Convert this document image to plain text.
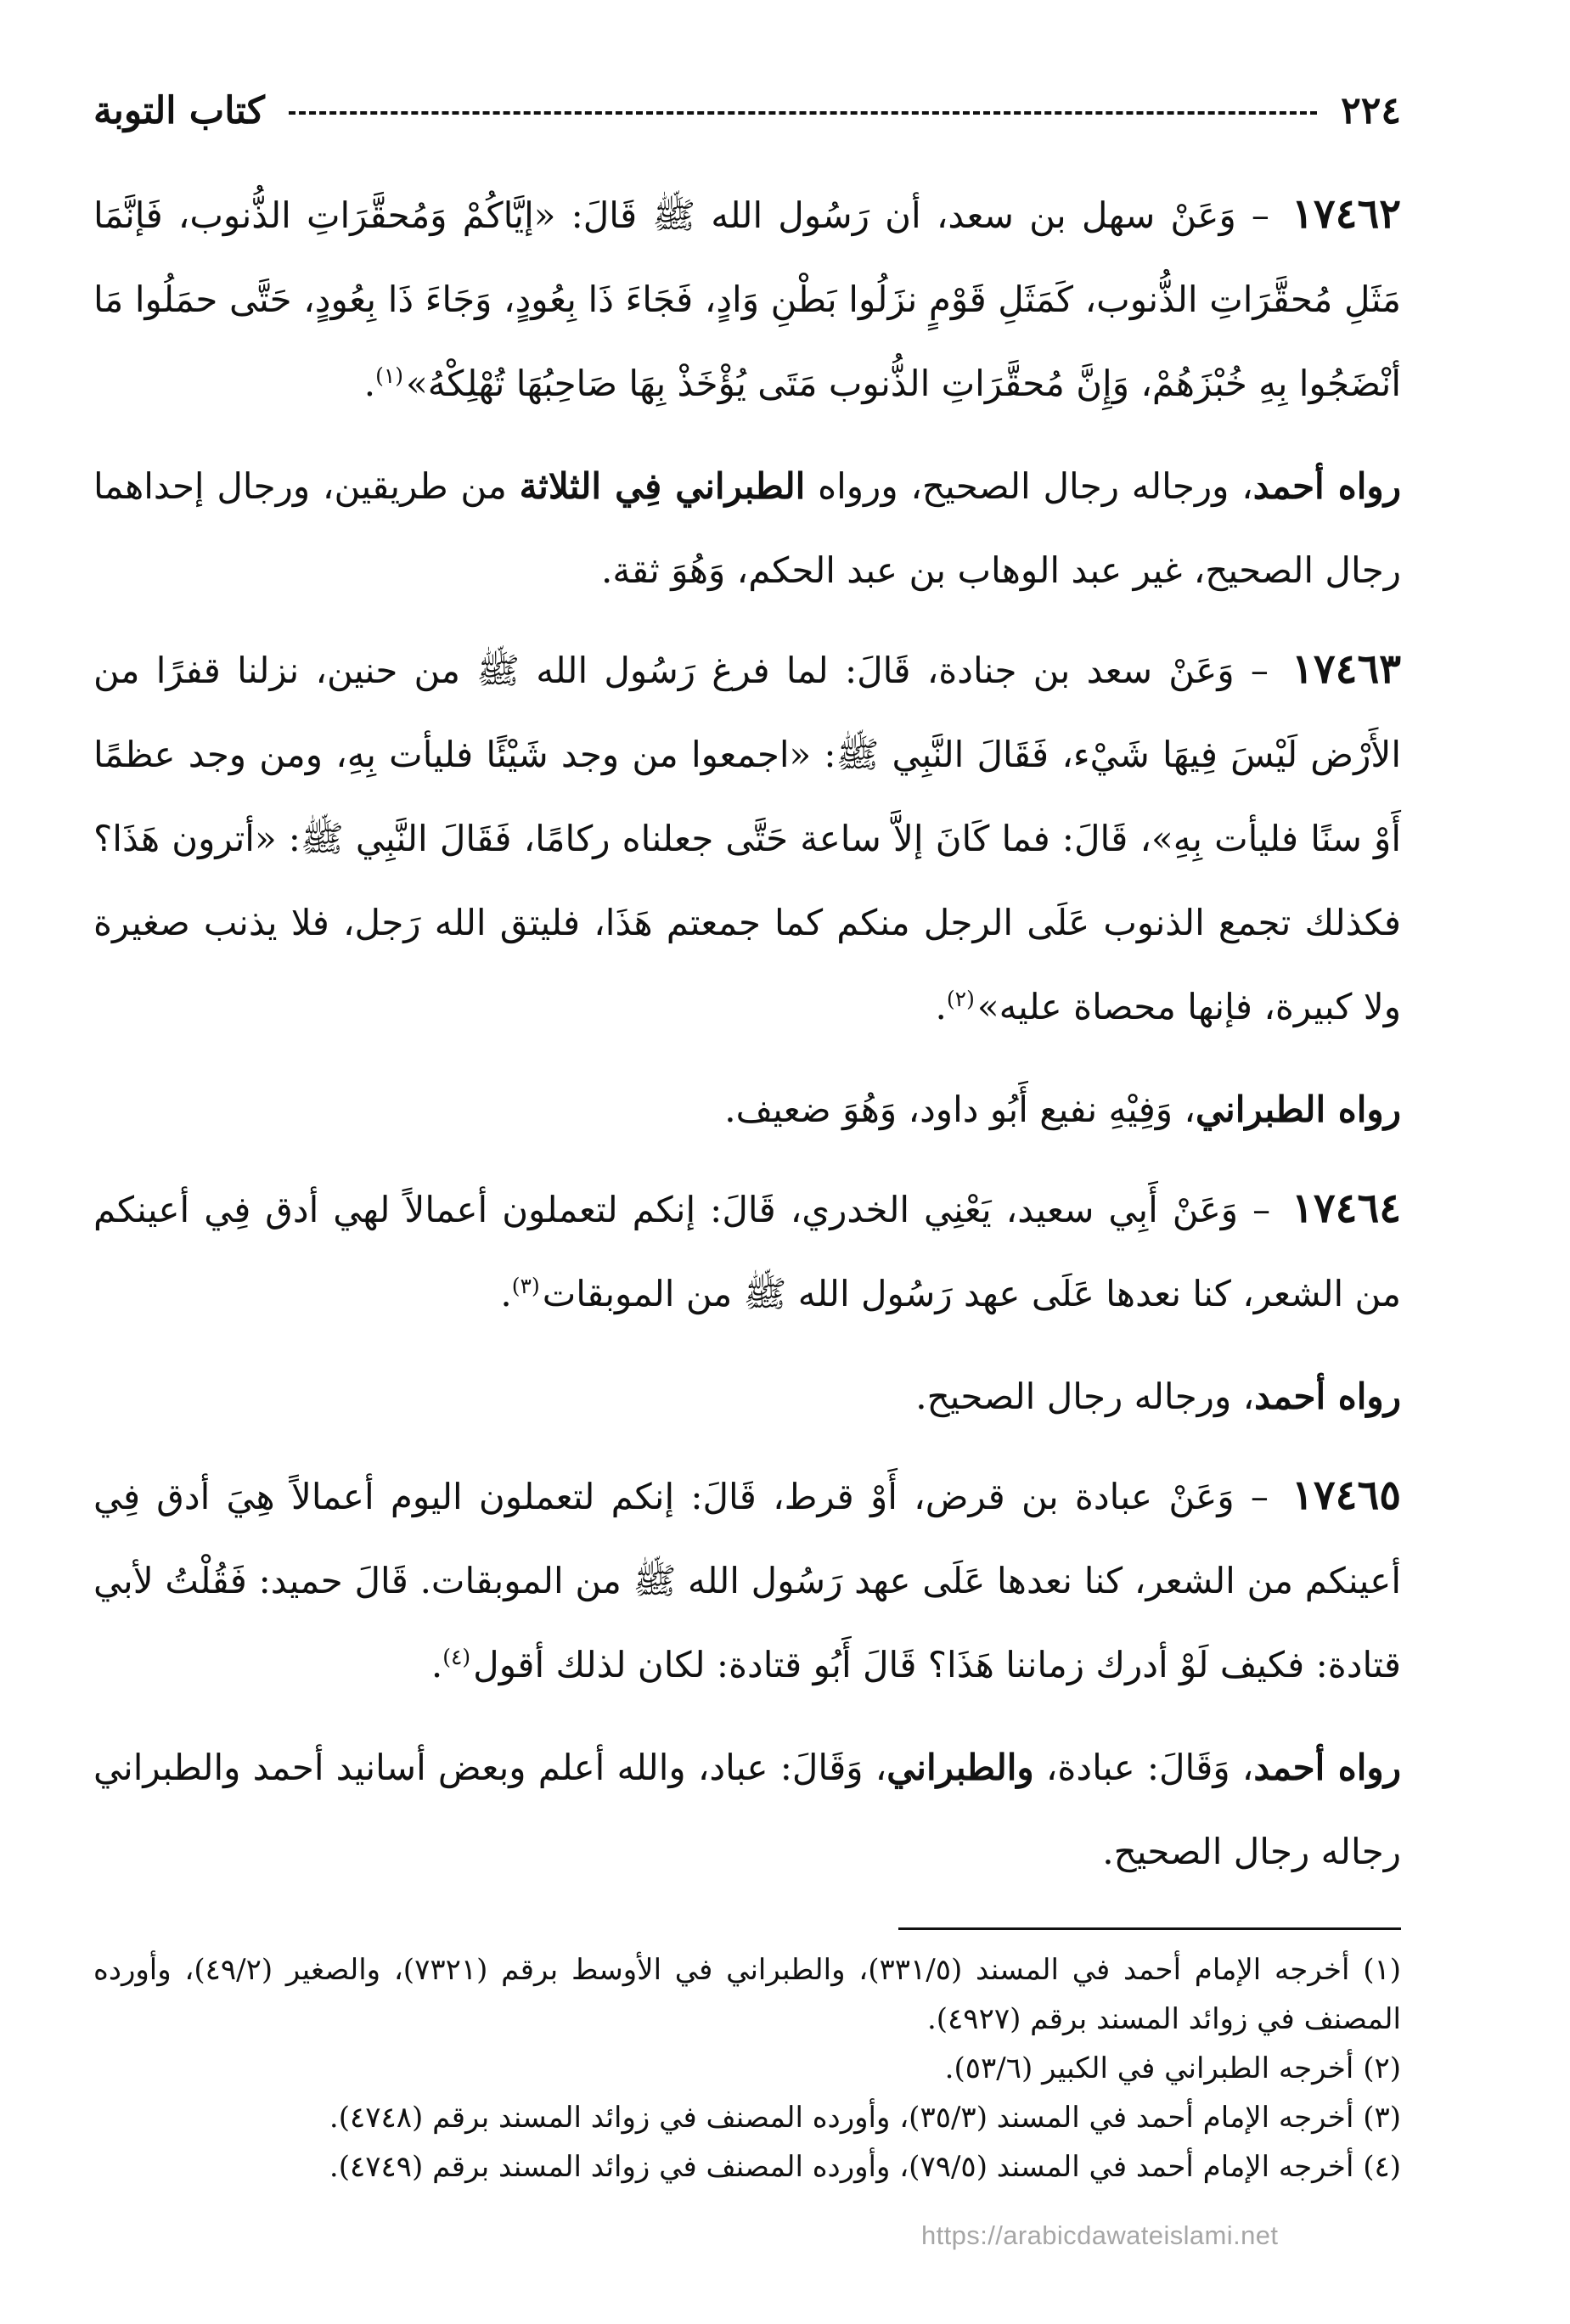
٢٢٤
كتاب التوبة

١٧٤٦٢ – وَعَنْ سهل بن سعد، أن رَسُول الله ﷺ قَالَ: «إيَّاكُمْ وَمُحقَّرَاتِ الذُّنوب، فَإنَّمَا مَثَلِ مُحقَّرَاتِ الذُّنوب، كَمَثَلِ قَوْمٍ نزَلُوا بَطْنِ وَادٍ، فَجَاءَ ذَا بِعُودٍ، وَجَاءَ ذَا بِعُودٍ، حَتَّى حمَلُوا مَا أنْضَجُوا بِهِ خُبْزَهُمْ، وَإِنَّ مُحقَّرَاتِ الذُّنوب مَتَى يُؤْخَذْ بِهَا صَاحِبُهَا تُهْلِكْهُ»$^{(١)}$.

رواه أحمد، ورجاله رجال الصحيح، ورواه الطبراني فِي الثلاثة من طريقين، ورجال إحداهما رجال الصحيح، غير عبد الوهاب بن عبد الحكم، وَهُوَ ثقة.

١٧٤٦٣ – وَعَنْ سعد بن جنادة، قَالَ: لما فرغ رَسُول الله ﷺ من حنين، نزلنا قفرًا من الأَرْض لَيْسَ فِيهَا شَيْء، فَقَالَ النَّبِي ﷺ: «اجمعوا من وجد شَيْئًا فليأت بِهِ، ومن وجد عظمًا أَوْ سنًا فليأت بِهِ»، قَالَ: فما كَانَ إلاَّ ساعة حَتَّى جعلناه ركامًا، فَقَالَ النَّبِي ﷺ: «أترون هَذَا؟ فكذلك تجمع الذنوب عَلَى الرجل منكم كما جمعتم هَذَا، فليتق الله رَجل، فلا يذنب صغيرة ولا كبيرة، فإنها محصاة عليه»$^{(٢)}$.

رواه الطبراني، وَفِيْهِ نفيع أَبُو داود، وَهُوَ ضعيف.

١٧٤٦٤ – وَعَنْ أَبِي سعيد، يَعْنِي الخدري، قَالَ: إنكم لتعملون أعمالاً لهي أدق فِي أعينكم من الشعر، كنا نعدها عَلَى عهد رَسُول الله ﷺ من الموبقات$^{(٣)}$.

رواه أحمد، ورجاله رجال الصحيح.

١٧٤٦٥ – وَعَنْ عبادة بن قرض، أَوْ قرط، قَالَ: إنكم لتعملون اليوم أعمالاً هِيَ أدق فِي أعينكم من الشعر، كنا نعدها عَلَى عهد رَسُول الله ﷺ من الموبقات. قَالَ حميد: فَقُلْتُ لأبي قتادة: فكيف لَوْ أدرك زماننا هَذَا؟ قَالَ أَبُو قتادة: لكان لذلك أقول$^{(٤)}$.

رواه أحمد، وَقَالَ: عبادة، والطبراني، وَقَالَ: عباد، والله أعلم وبعض أسانيد أحمد والطبراني رجاله رجال الصحيح.

(١) أخرجه الإمام أحمد في المسند (٣٣١/٥)، والطبراني في الأوسط برقم (٧٣٢١)، والصغير (٤٩/٢)، وأورده المصنف في زوائد المسند برقم (٤٩٢٧).

(٢) أخرجه الطبراني في الكبير (٥٣/٦).

(٣) أخرجه الإمام أحمد في المسند (٣٥/٣)، وأورده المصنف في زوائد المسند برقم (٤٧٤٨).

(٤) أخرجه الإمام أحمد في المسند (٧٩/٥)، وأورده المصنف في زوائد المسند برقم (٤٧٤٩).

https://arabicdawateislami.net
